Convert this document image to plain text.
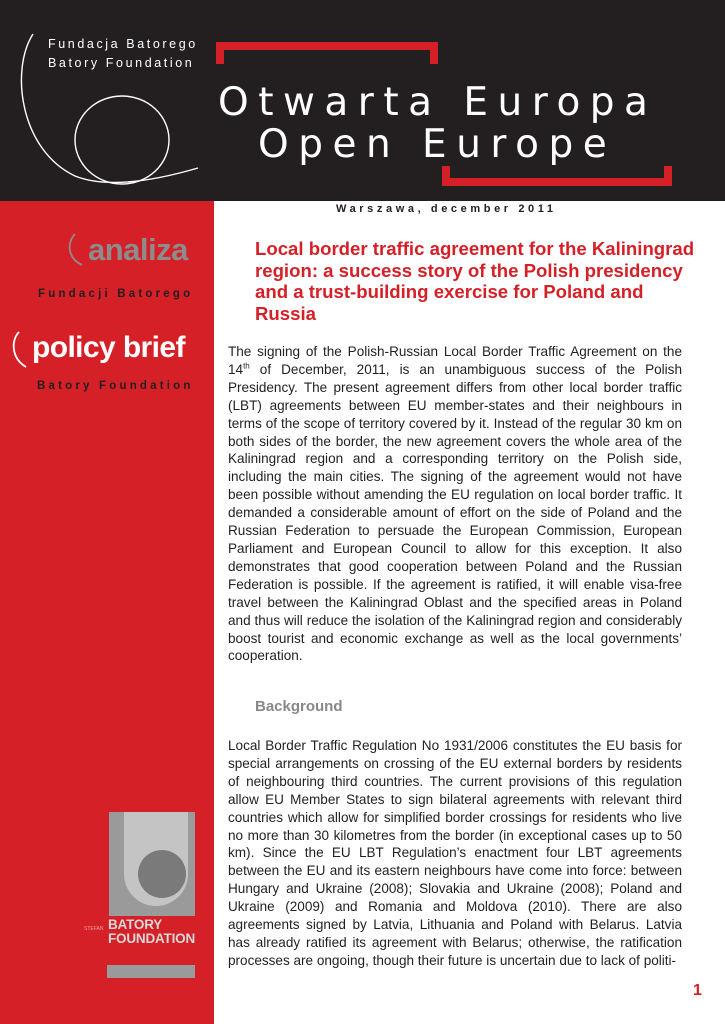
Fundacja Batorego
Batory Foundation
Otwarta Europa
Open Europe
Warszawa, december 2011
analiza
Fundacji Batorego
policy brief
Batory Foundation
STEFAN BATORY
FOUNDATION
Local border traffic agreement for the Kaliningrad region: a success story of the Polish presidency and a trust-building exercise for Poland and Russia

The signing of the Polish-Russian Local Border Traffic Agreement on the 14th of December, 2011, is an unambiguous success of the Polish Presidency. The present agreement differs from other local border traffic (LBT) agreements between EU member-states and their neighbours in terms of the scope of territory covered by it. Instead of the regular 30 km on both sides of the border, the new agreement covers the whole area of the Kaliningrad region and a corresponding territory on the Polish side, including the main cities. The signing of the agreement would not have been possible without amending the EU regulation on local border traffic. It demanded a considerable amount of effort on the side of Poland and the Russian Federation to persuade the European Commission, European Parliament and European Council to allow for this exception. It also demonstrates that good cooperation between Poland and the Russian Federation is possible. If the agreement is ratified, it will enable visa-free travel between the Kaliningrad Oblast and the specified areas in Poland and thus will reduce the isolation of the Kaliningrad region and considerably boost tourist and economic exchange as well as the local governments’ cooperation.

Background

Local Border Traffic Regulation No 1931/2006 constitutes the EU basis for special arrangements on crossing of the EU external borders by residents of neighbouring third countries. The current provisions of this regulation allow EU Member States to sign bilateral agreements with relevant third countries which allow for simplified border crossings for residents who live no more than 30 kilometres from the border (in exceptional cases up to 50 km). Since the EU LBT Regulation’s enactment four LBT agreements between the EU and its eastern neighbours have come into force: between Hungary and Ukraine (2008); Slovakia and Ukraine (2008); Poland and Ukraine (2009) and Romania and Moldova (2010). There are also agreements signed by Latvia, Lithuania and Poland with Belarus. Latvia has already ratified its agreement with Belarus; otherwise, the ratification processes are ongoing, though their future is uncertain due to lack of politi-

1
